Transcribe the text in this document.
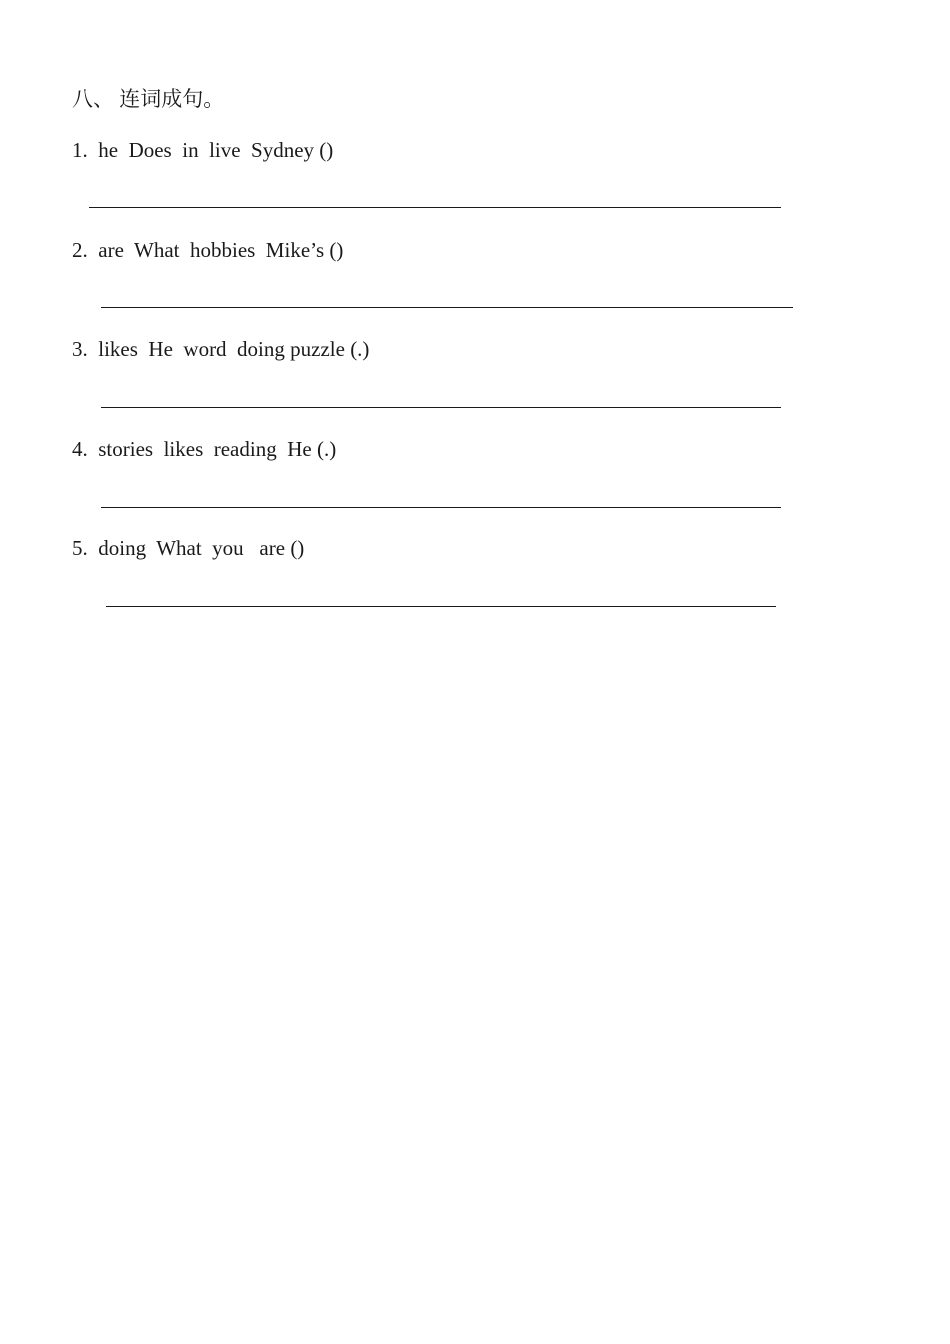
八、 连词成句。
1.  he  Does  in  live  Sydney ()
2.  are  What  hobbies  Mike’s ()
3.  likes  He  word  doing puzzle (.)
4.  stories  likes  reading  He (.)
5.  doing  What  you   are ()
